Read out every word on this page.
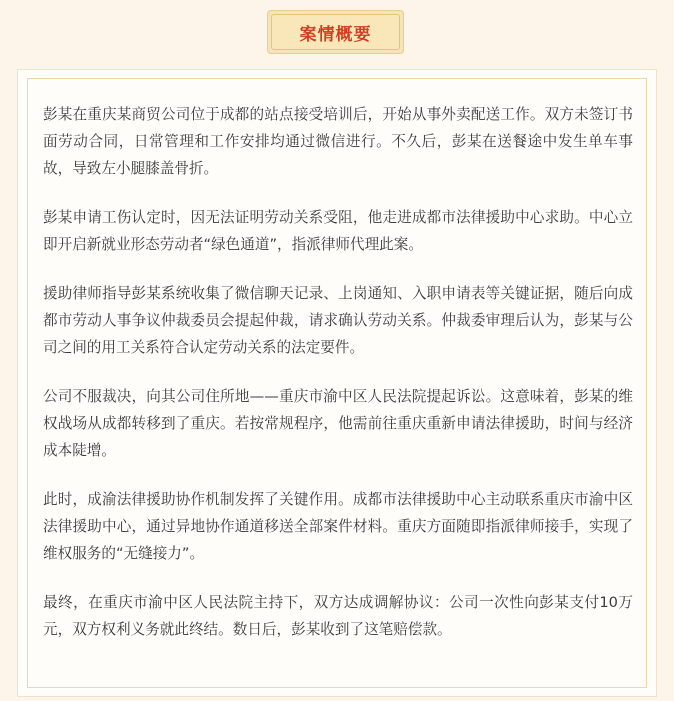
案情概要

彭某在重庆某商贸公司位于成都的站点接受培训后，开始从事外卖配送工作。双方未签订书面劳动合同，日常管理和工作安排均通过微信进行。不久后，彭某在送餐途中发生单车事故，导致左小腿膝盖骨折。

彭某申请工伤认定时，因无法证明劳动关系受阻，他走进成都市法律援助中心求助。中心立即开启新就业形态劳动者“绿色通道”，指派律师代理此案。

援助律师指导彭某系统收集了微信聊天记录、上岗通知、入职申请表等关键证据，随后向成都市劳动人事争议仲裁委员会提起仲裁，请求确认劳动关系。仲裁委审理后认为，彭某与公司之间的用工关系符合认定劳动关系的法定要件。

公司不服裁决，向其公司住所地——重庆市渝中区人民法院提起诉讼。这意味着，彭某的维权战场从成都转移到了重庆。若按常规程序，他需前往重庆重新申请法律援助，时间与经济成本陡增。

此时，成渝法律援助协作机制发挥了关键作用。成都市法律援助中心主动联系重庆市渝中区法律援助中心，通过异地协作通道移送全部案件材料。重庆方面随即指派律师接手，实现了维权服务的“无缝接力”。

最终，在重庆市渝中区人民法院主持下，双方达成调解协议：公司一次性向彭某支付10万元，双方权利义务就此终结。数日后，彭某收到了这笔赔偿款。
